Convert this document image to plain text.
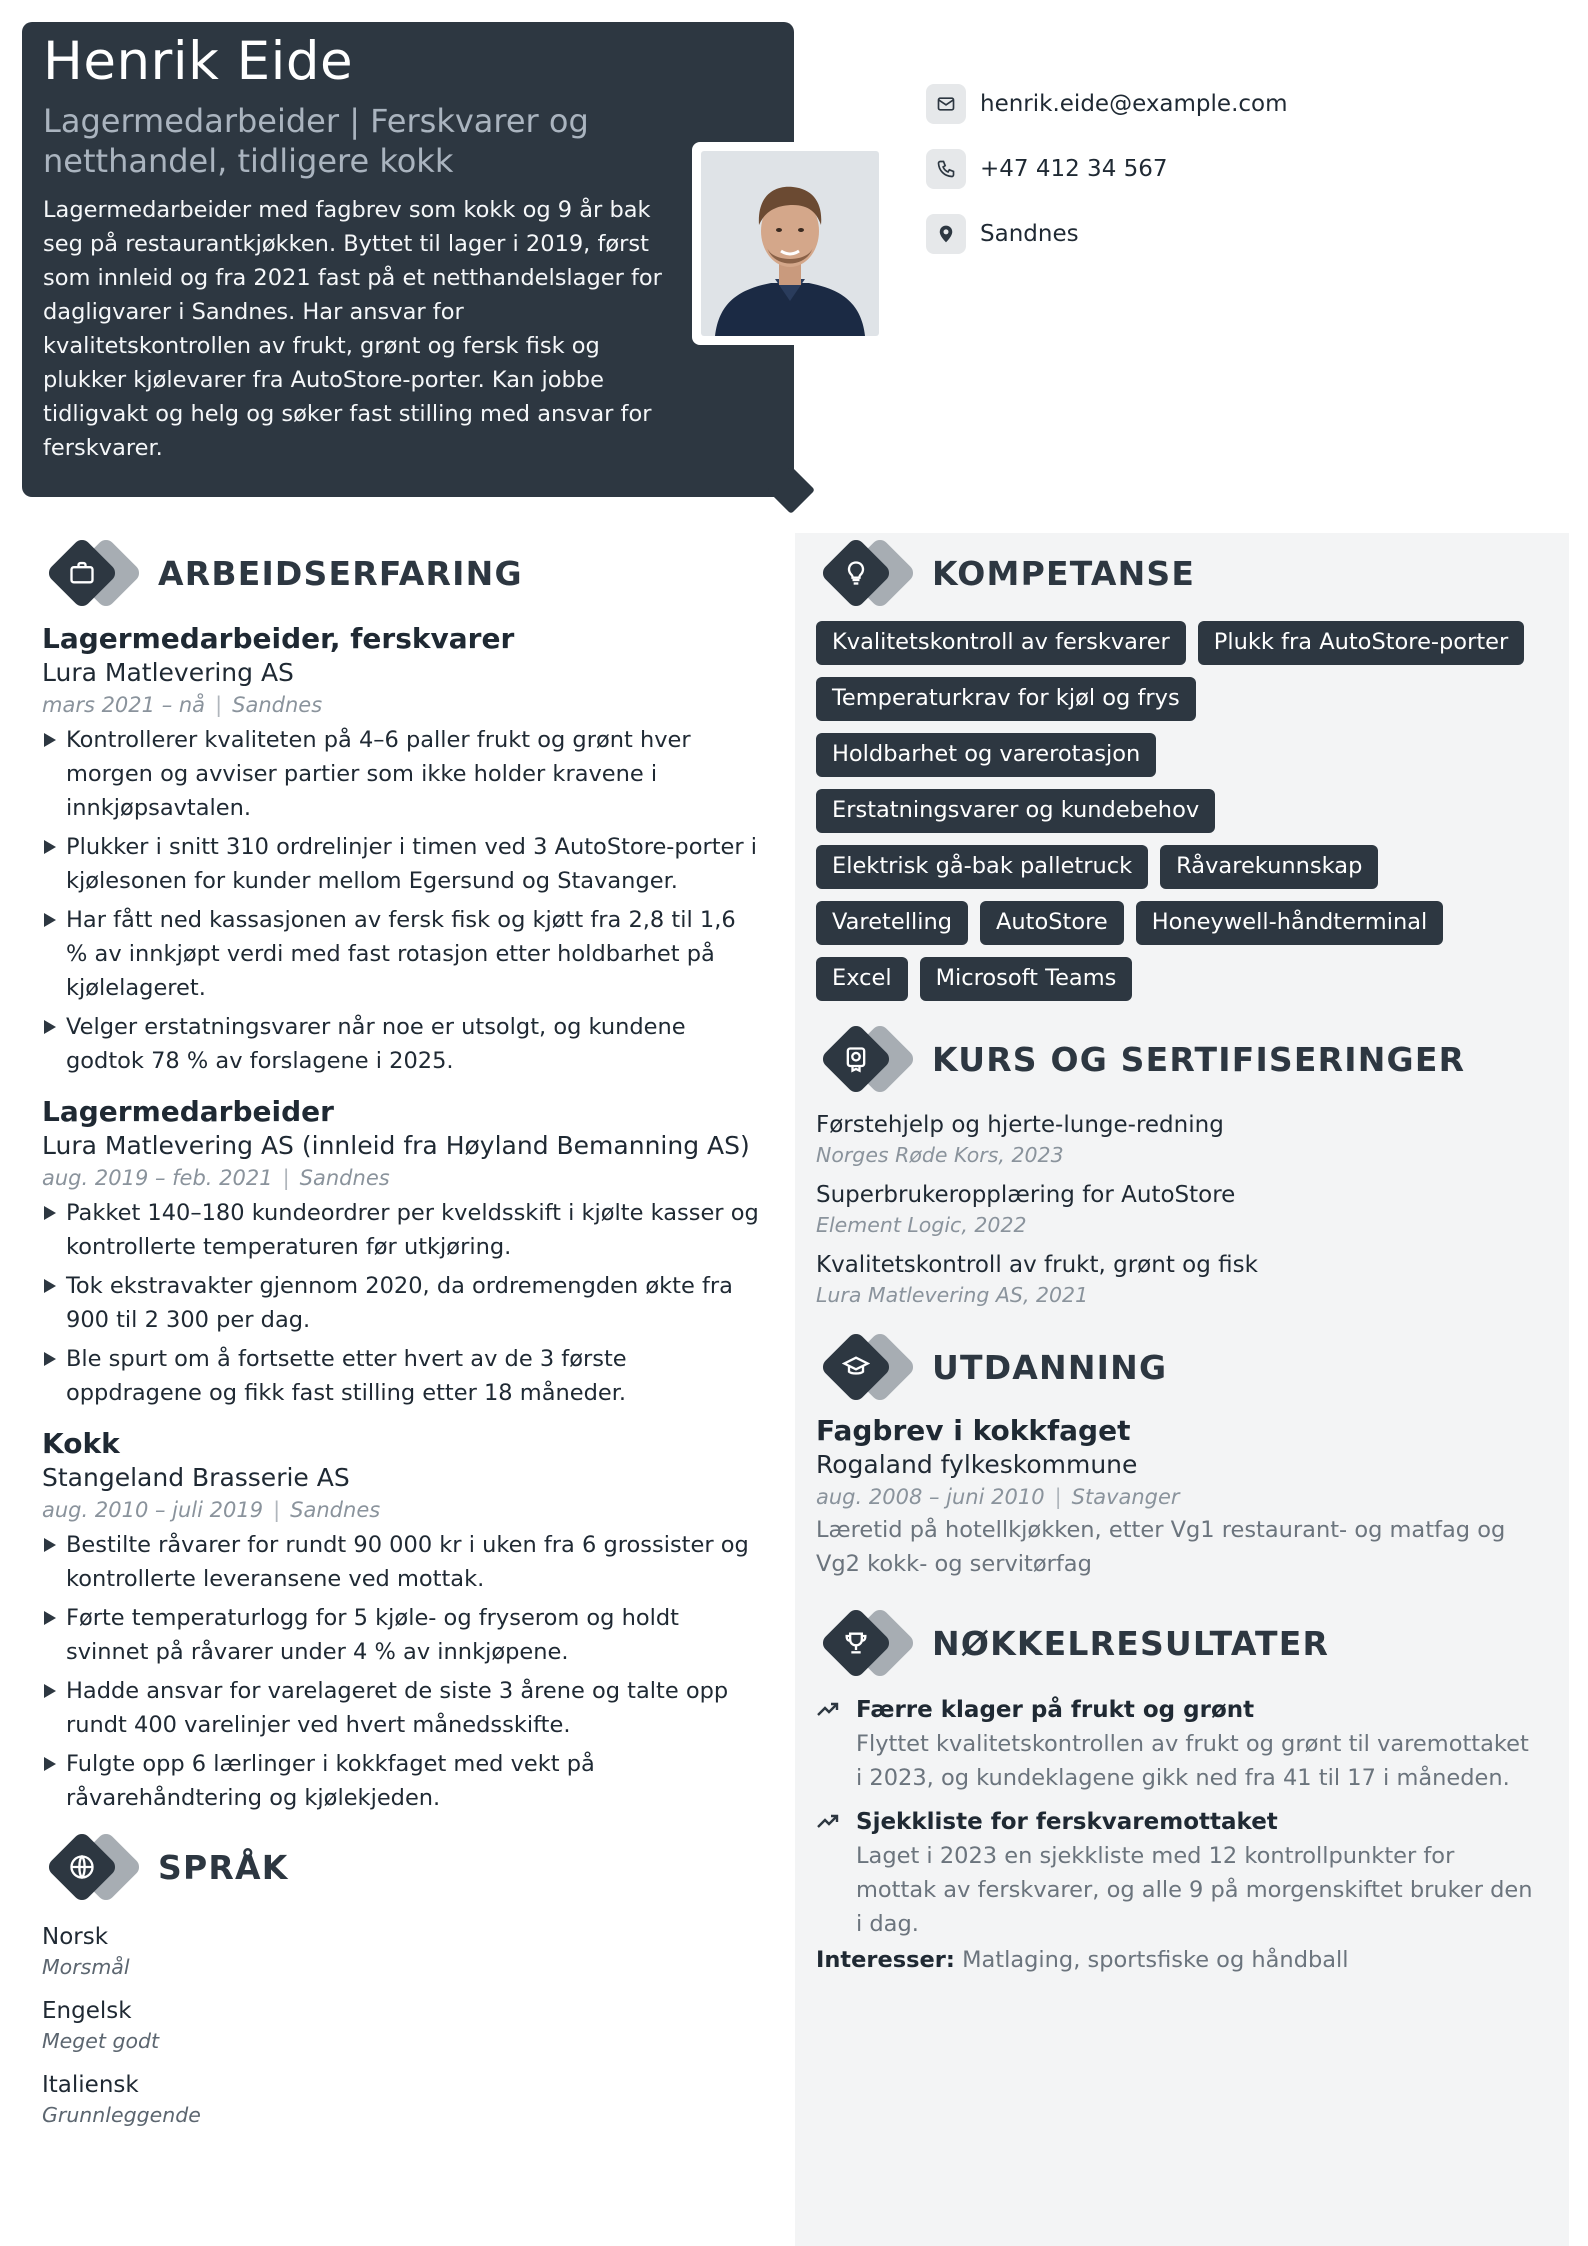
Henrik Eide
Lagermedarbeider | Ferskvarer og netthandel, tidligere kokk

Lagermedarbeider med fagbrev som kokk og 9 år bak seg på restaurantkjøkken. Byttet til lager i 2019, først som innleid og fra 2021 fast på et netthandelslager for dagligvarer i Sandnes. Har ansvar for kvalitetskontrollen av frukt, grønt og fersk fisk og plukker kjølevarer fra AutoStore-porter. Kan jobbe tidligvakt og helg og søker fast stilling med ansvar for ferskvarer.

henrik.eide@example.com
+47 412 34 567
Sandnes
ARBEIDSERFARING
Lagermedarbeider, ferskvarer
Lura Matlevering AS
mars 2021 – nå | Sandnes
Kontrollerer kvaliteten på 4–6 paller frukt og grønt hver morgen og avviser partier som ikke holder kravene i innkjøpsavtalen.
Plukker i snitt 310 ordrelinjer i timen ved 3 AutoStore-porter i kjølesonen for kunder mellom Egersund og Stavanger.
Har fått ned kassasjonen av fersk fisk og kjøtt fra 2,8 til 1,6 % av innkjøpt verdi med fast rotasjon etter holdbarhet på kjølelageret.
Velger erstatningsvarer når noe er utsolgt, og kundene godtok 78 % av forslagene i 2025.
Lagermedarbeider
Lura Matlevering AS (innleid fra Høyland Bemanning AS)
aug. 2019 – feb. 2021 | Sandnes
Pakket 140–180 kundeordrer per kveldsskift i kjølte kasser og kontrollerte temperaturen før utkjøring.
Tok ekstravakter gjennom 2020, da ordremengden økte fra 900 til 2 300 per dag.
Ble spurt om å fortsette etter hvert av de 3 første oppdragene og fikk fast stilling etter 18 måneder.
Kokk
Stangeland Brasserie AS
aug. 2010 – juli 2019 | Sandnes
Bestilte råvarer for rundt 90 000 kr i uken fra 6 grossister og kontrollerte leveransene ved mottak.
Førte temperaturlogg for 5 kjøle- og fryserom og holdt svinnet på råvarer under 4 % av innkjøpene.
Hadde ansvar for varelageret de siste 3 årene og talte opp rundt 400 varelinjer ved hvert månedsskifte.
Fulgte opp 6 lærlinger i kokkfaget med vekt på råvarehåndtering og kjølekjeden.
SPRÅK
Norsk
Morsmål
Engelsk
Meget godt
Italiensk
Grunnleggende
KOMPETANSE
Kvalitetskontroll av ferskvarer	Plukk fra AutoStore-porter
Temperaturkrav for kjøl og frys
Holdbarhet og varerotasjon
Erstatningsvarer og kundebehov
Elektrisk gå-bak palletruck	Råvarekunnskap
Varetelling	AutoStore	Honeywell-håndterminal
Excel	Microsoft Teams
KURS OG SERTIFISERINGER
Førstehjelp og hjerte-lunge-redning
Norges Røde Kors, 2023
Superbrukeropplæring for AutoStore
Element Logic, 2022
Kvalitetskontroll av frukt, grønt og fisk
Lura Matlevering AS, 2021
UTDANNING
Fagbrev i kokkfaget
Rogaland fylkeskommune
aug. 2008 – juni 2010 | Stavanger
Læretid på hotellkjøkken, etter Vg1 restaurant- og matfag og Vg2 kokk- og servitørfag
NØKKELRESULTATER
Færre klager på frukt og grønt
Flyttet kvalitetskontrollen av frukt og grønt til varemottaket i 2023, og kundeklagene gikk ned fra 41 til 17 i måneden.
Sjekkliste for ferskvaremottaket
Laget i 2023 en sjekkliste med 12 kontrollpunkter for mottak av ferskvarer, og alle 9 på morgenskiftet bruker den i dag.
Interesser: Matlaging, sportsfiske og håndball
